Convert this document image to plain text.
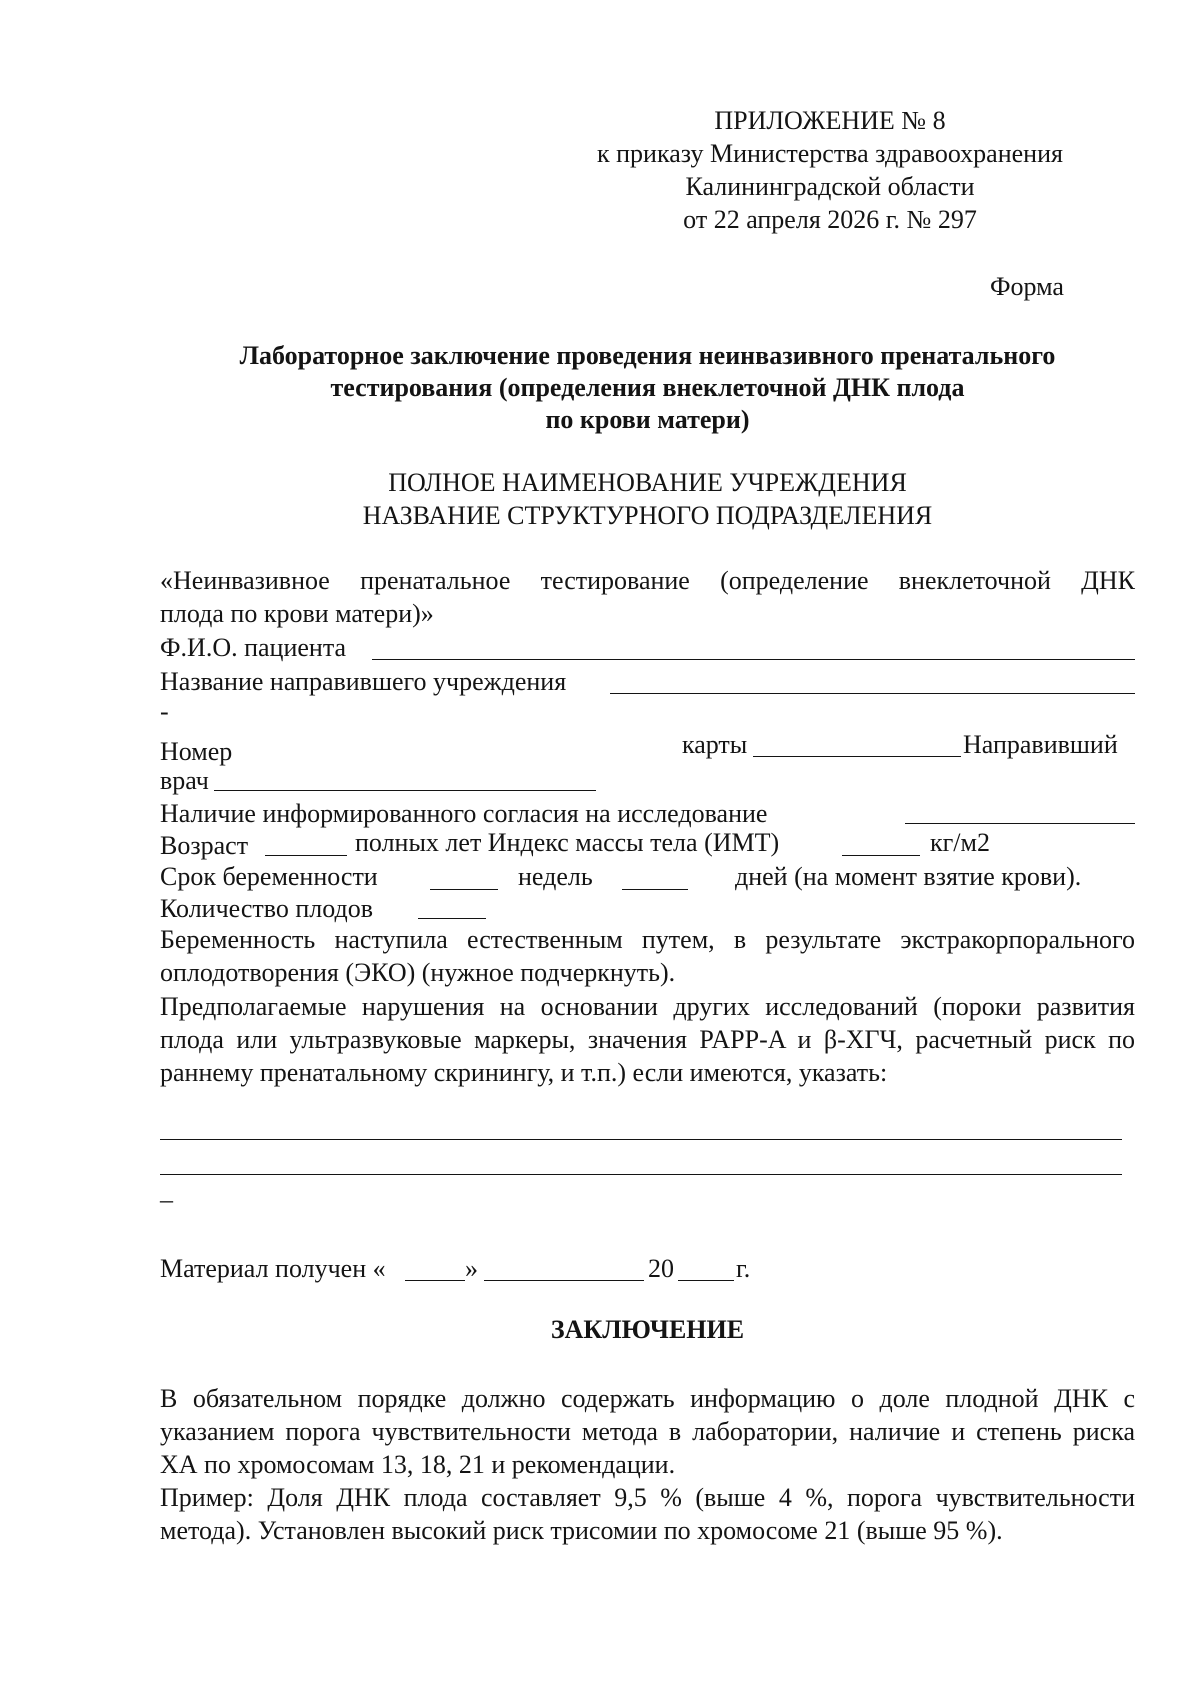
ПРИЛОЖЕНИЕ № 8
к приказу Министерства здравоохранения
Калининградской области
от 22 апреля 2026 г. № 297
Форма
Лабораторное заключение проведения неинвазивного пренатального
тестирования (определения внеклеточной ДНК плода
по крови матери)
ПОЛНОЕ НАИМЕНОВАНИЕ УЧРЕЖДЕНИЯ
НАЗВАНИЕ СТРУКТУРНОГО ПОДРАЗДЕЛЕНИЯ
«Неинвазивное пренатальное тестирование (определение внеклеточной ДНК
плода по крови матери)»
Ф.И.О. пациента
Название направившего учреждения
-
Номер	карты	Направивший
врач
Наличие информированного согласия на исследование
Возраст	полных лет Индекс массы тела (ИМТ)	кг/м2
Срок беременности	недель	дней (на момент взятие крови).
Количество плодов
Беременность наступила естественным путем, в результате экстракорпорального оплодотворения (ЭКО) (нужное подчеркнуть).
Предполагаемые нарушения на основании других исследований (пороки развития плода или ультразвуковые маркеры, значения PAPP-A и β-ХГЧ, расчетный риск по раннему пренатальному скринингу, и т.п.) если имеются, указать:
–
Материал получен «	»	20 г.
ЗАКЛЮЧЕНИЕ
В обязательном порядке должно содержать информацию о доле плодной ДНК с указанием порога чувствительности метода в лаборатории, наличие и степень риска ХА по хромосомам 13, 18, 21 и рекомендации.
Пример: Доля ДНК плода составляет 9,5 % (выше 4 %, порога чувствительности метода). Установлен высокий риск трисомии по хромосоме 21 (выше 95 %).
